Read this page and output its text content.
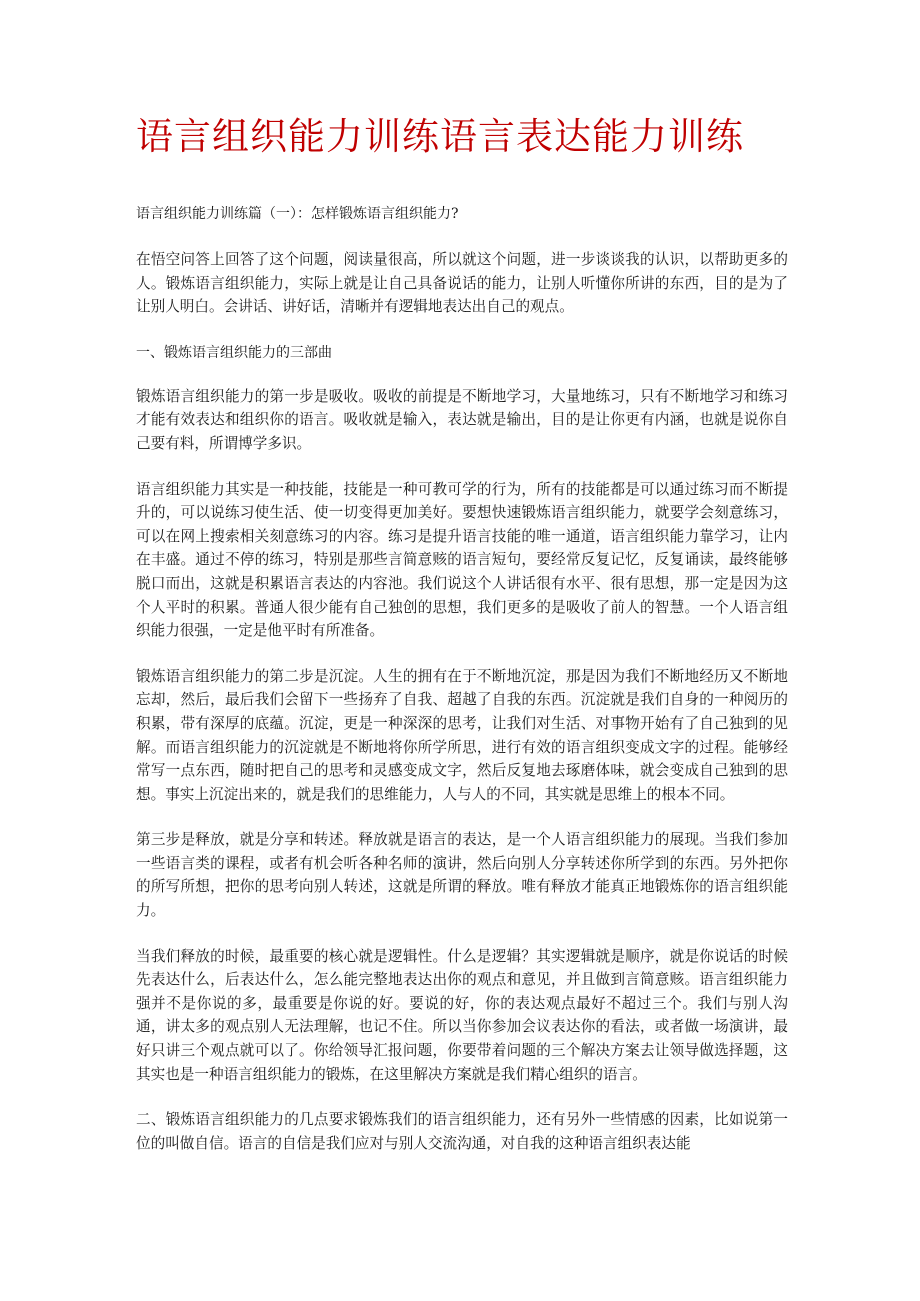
语言组织能力训练语言表达能力训练

语言组织能力训练篇（一）：怎样锻炼语言组织能力?

在悟空问答上回答了这个问题，阅读量很高，所以就这个问题，进一步谈谈我的认识，以帮助更多的人。锻炼语言组织能力，实际上就是让自己具备说话的能力，让别人听懂你所讲的东西，目的是为了让别人明白。会讲话、讲好话，清晰并有逻辑地表达出自己的观点。

一、锻炼语言组织能力的三部曲

锻炼语言组织能力的第一步是吸收。吸收的前提是不断地学习，大量地练习，只有不断地学习和练习才能有效表达和组织你的语言。吸收就是输入，表达就是输出，目的是让你更有内涵，也就是说你自己要有料，所谓博学多识。

语言组织能力其实是一种技能，技能是一种可教可学的行为，所有的技能都是可以通过练习而不断提升的，可以说练习使生活、使一切变得更加美好。要想快速锻炼语言组织能力，就要学会刻意练习，可以在网上搜索相关刻意练习的内容。练习是提升语言技能的唯一通道，语言组织能力靠学习，让内在丰盛。通过不停的练习，特别是那些言简意赅的语言短句，要经常反复记忆，反复诵读，最终能够脱口而出，这就是积累语言表达的内容池。我们说这个人讲话很有水平、很有思想，那一定是因为这个人平时的积累。普通人很少能有自己独创的思想，我们更多的是吸收了前人的智慧。一个人语言组织能力很强，一定是他平时有所准备。

锻炼语言组织能力的第二步是沉淀。人生的拥有在于不断地沉淀，那是因为我们不断地经历又不断地忘却，然后，最后我们会留下一些扬弃了自我、超越了自我的东西。沉淀就是我们自身的一种阅历的积累，带有深厚的底蕴。沉淀，更是一种深深的思考，让我们对生活、对事物开始有了自己独到的见解。而语言组织能力的沉淀就是不断地将你所学所思，进行有效的语言组织变成文字的过程。能够经常写一点东西，随时把自己的思考和灵感变成文字，然后反复地去琢磨体味，就会变成自己独到的思想。事实上沉淀出来的，就是我们的思维能力，人与人的不同，其实就是思维上的根本不同。

第三步是释放，就是分享和转述。释放就是语言的表达，是一个人语言组织能力的展现。当我们参加一些语言类的课程，或者有机会听各种名师的演讲，然后向别人分享转述你所学到的东西。另外把你的所写所想，把你的思考向别人转述，这就是所谓的释放。唯有释放才能真正地锻炼你的语言组织能力。

当我们释放的时候，最重要的核心就是逻辑性。什么是逻辑？其实逻辑就是顺序，就是你说话的时候先表达什么，后表达什么，怎么能完整地表达出你的观点和意见，并且做到言简意赅。语言组织能力强并不是你说的多，最重要是你说的好。要说的好，你的表达观点最好不超过三个。我们与别人沟通，讲太多的观点别人无法理解，也记不住。所以当你参加会议表达你的看法，或者做一场演讲，最好只讲三个观点就可以了。你给领导汇报问题，你要带着问题的三个解决方案去让领导做选择题，这其实也是一种语言组织能力的锻炼，在这里解决方案就是我们精心组织的语言。

二、锻炼语言组织能力的几点要求锻炼我们的语言组织能力，还有另外一些情感的因素，比如说第一位的叫做自信。语言的自信是我们应对与别人交流沟通，对自我的这种语言组织表达能
